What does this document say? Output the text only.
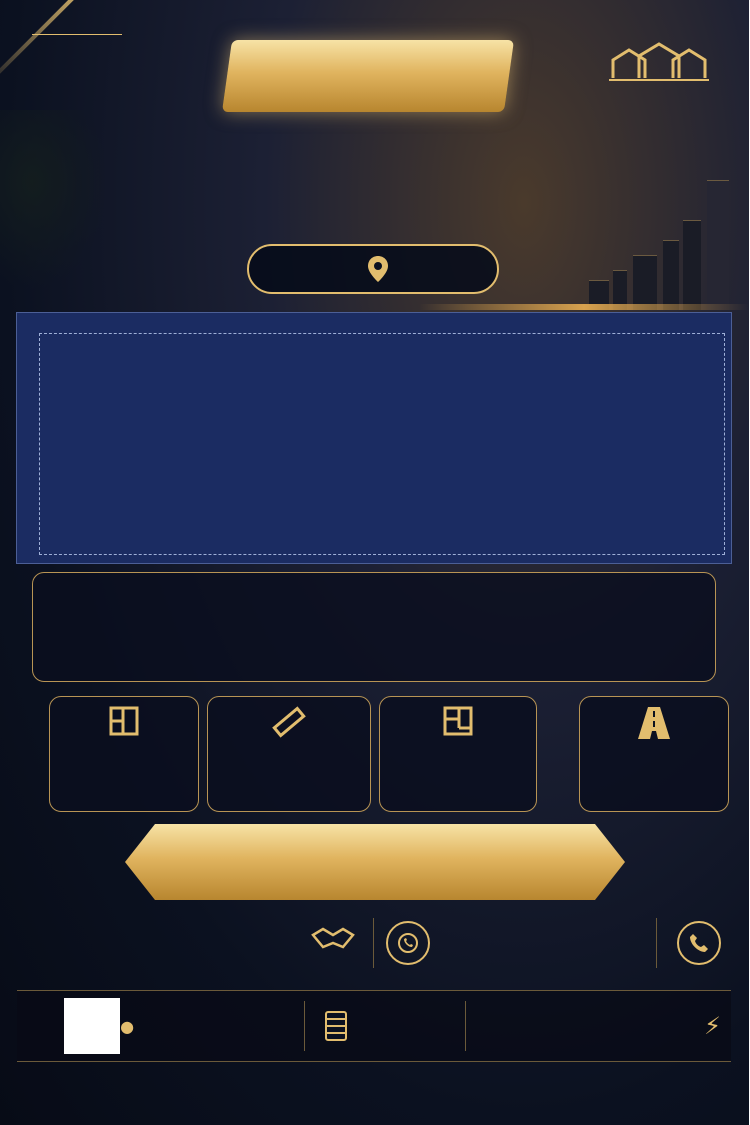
⚡
●
